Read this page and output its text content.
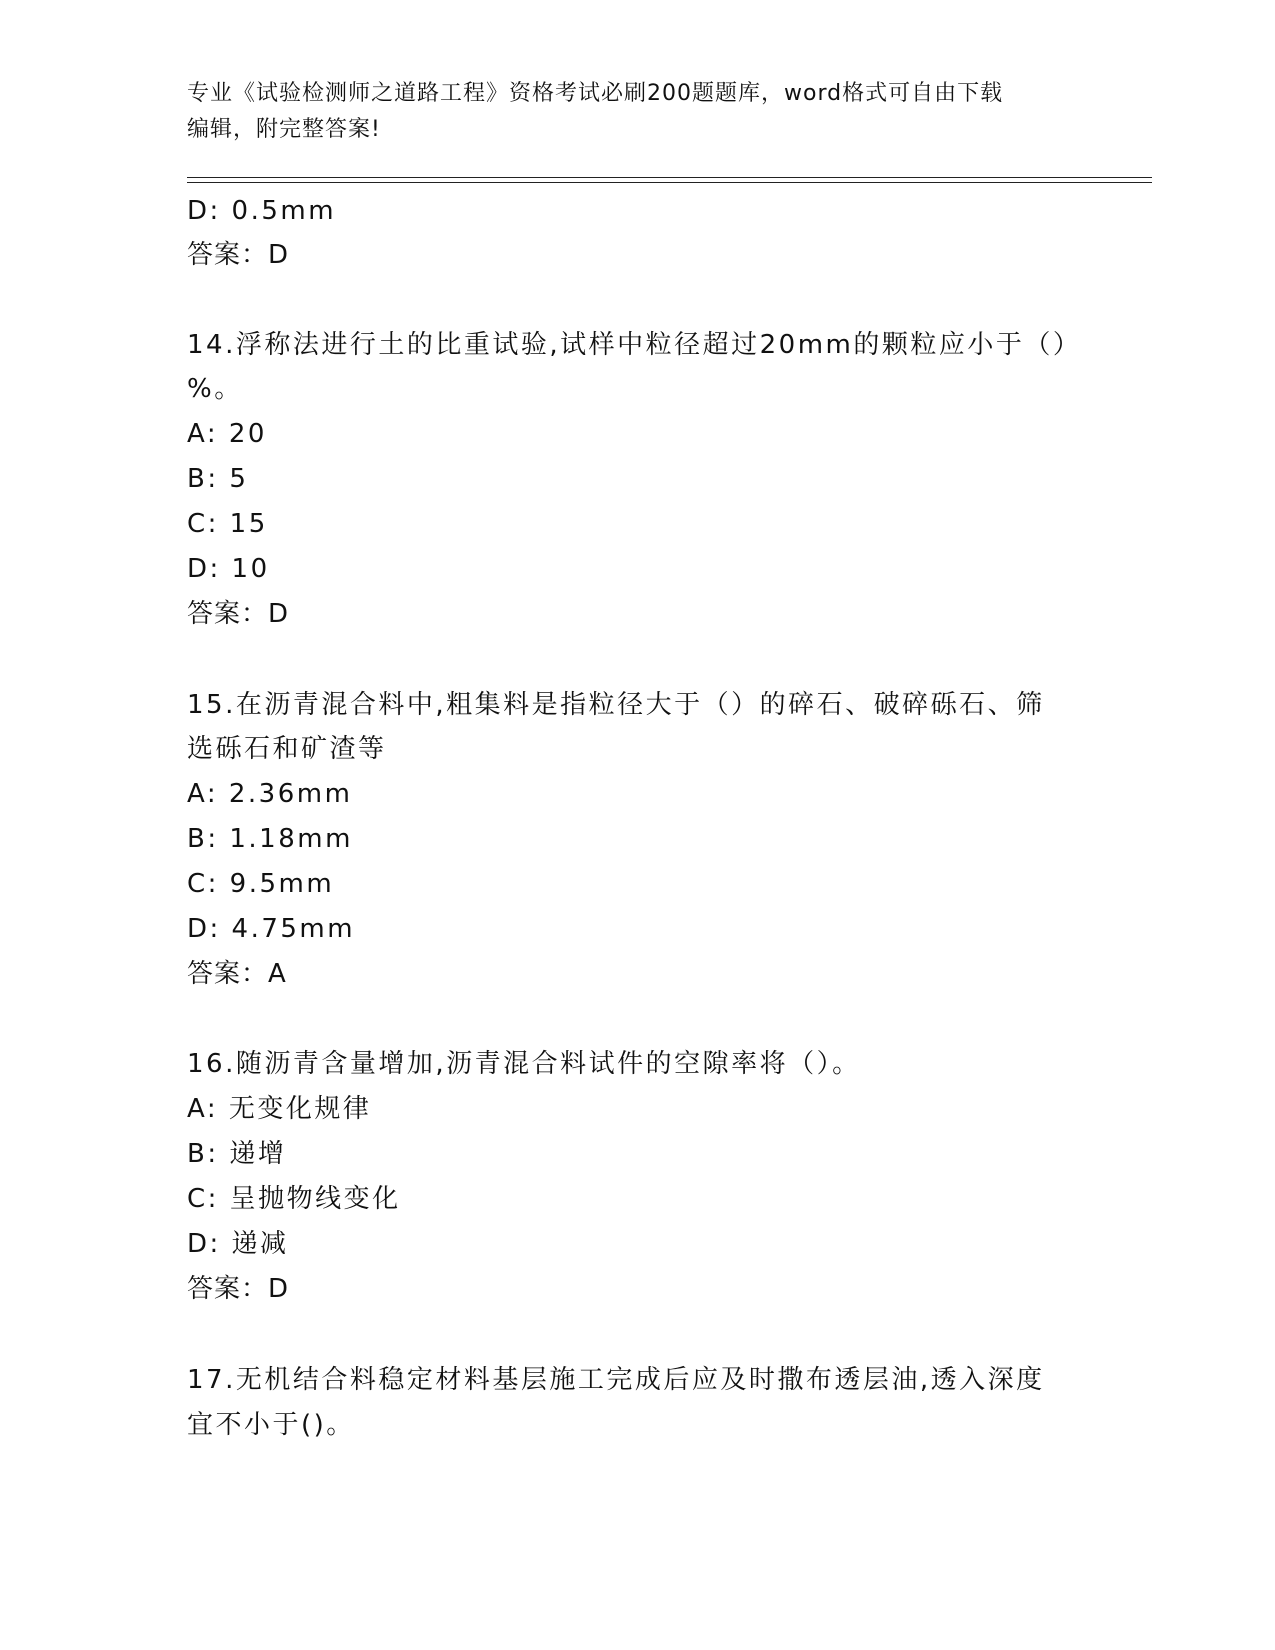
专业《试验检测师之道路工程》资格考试必刷200题题库，word格式可自由下载
编辑，附完整答案!
D: 0.5mm
答案：D
14.浮称法进行土的比重试验,试样中粒径超过20mm的颗粒应小于（）
%。
A: 20
B: 5
C: 15
D: 10
答案：D
15.在沥青混合料中,粗集料是指粒径大于（）的碎石、破碎砾石、筛
选砾石和矿渣等
A: 2.36mm
B: 1.18mm
C: 9.5mm
D: 4.75mm
答案：A
16.随沥青含量增加,沥青混合料试件的空隙率将（）。
A: 无变化规律
B: 递增
C: 呈抛物线变化
D: 递减
答案：D
17.无机结合料稳定材料基层施工完成后应及时撒布透层油,透入深度
宜不小于()。
